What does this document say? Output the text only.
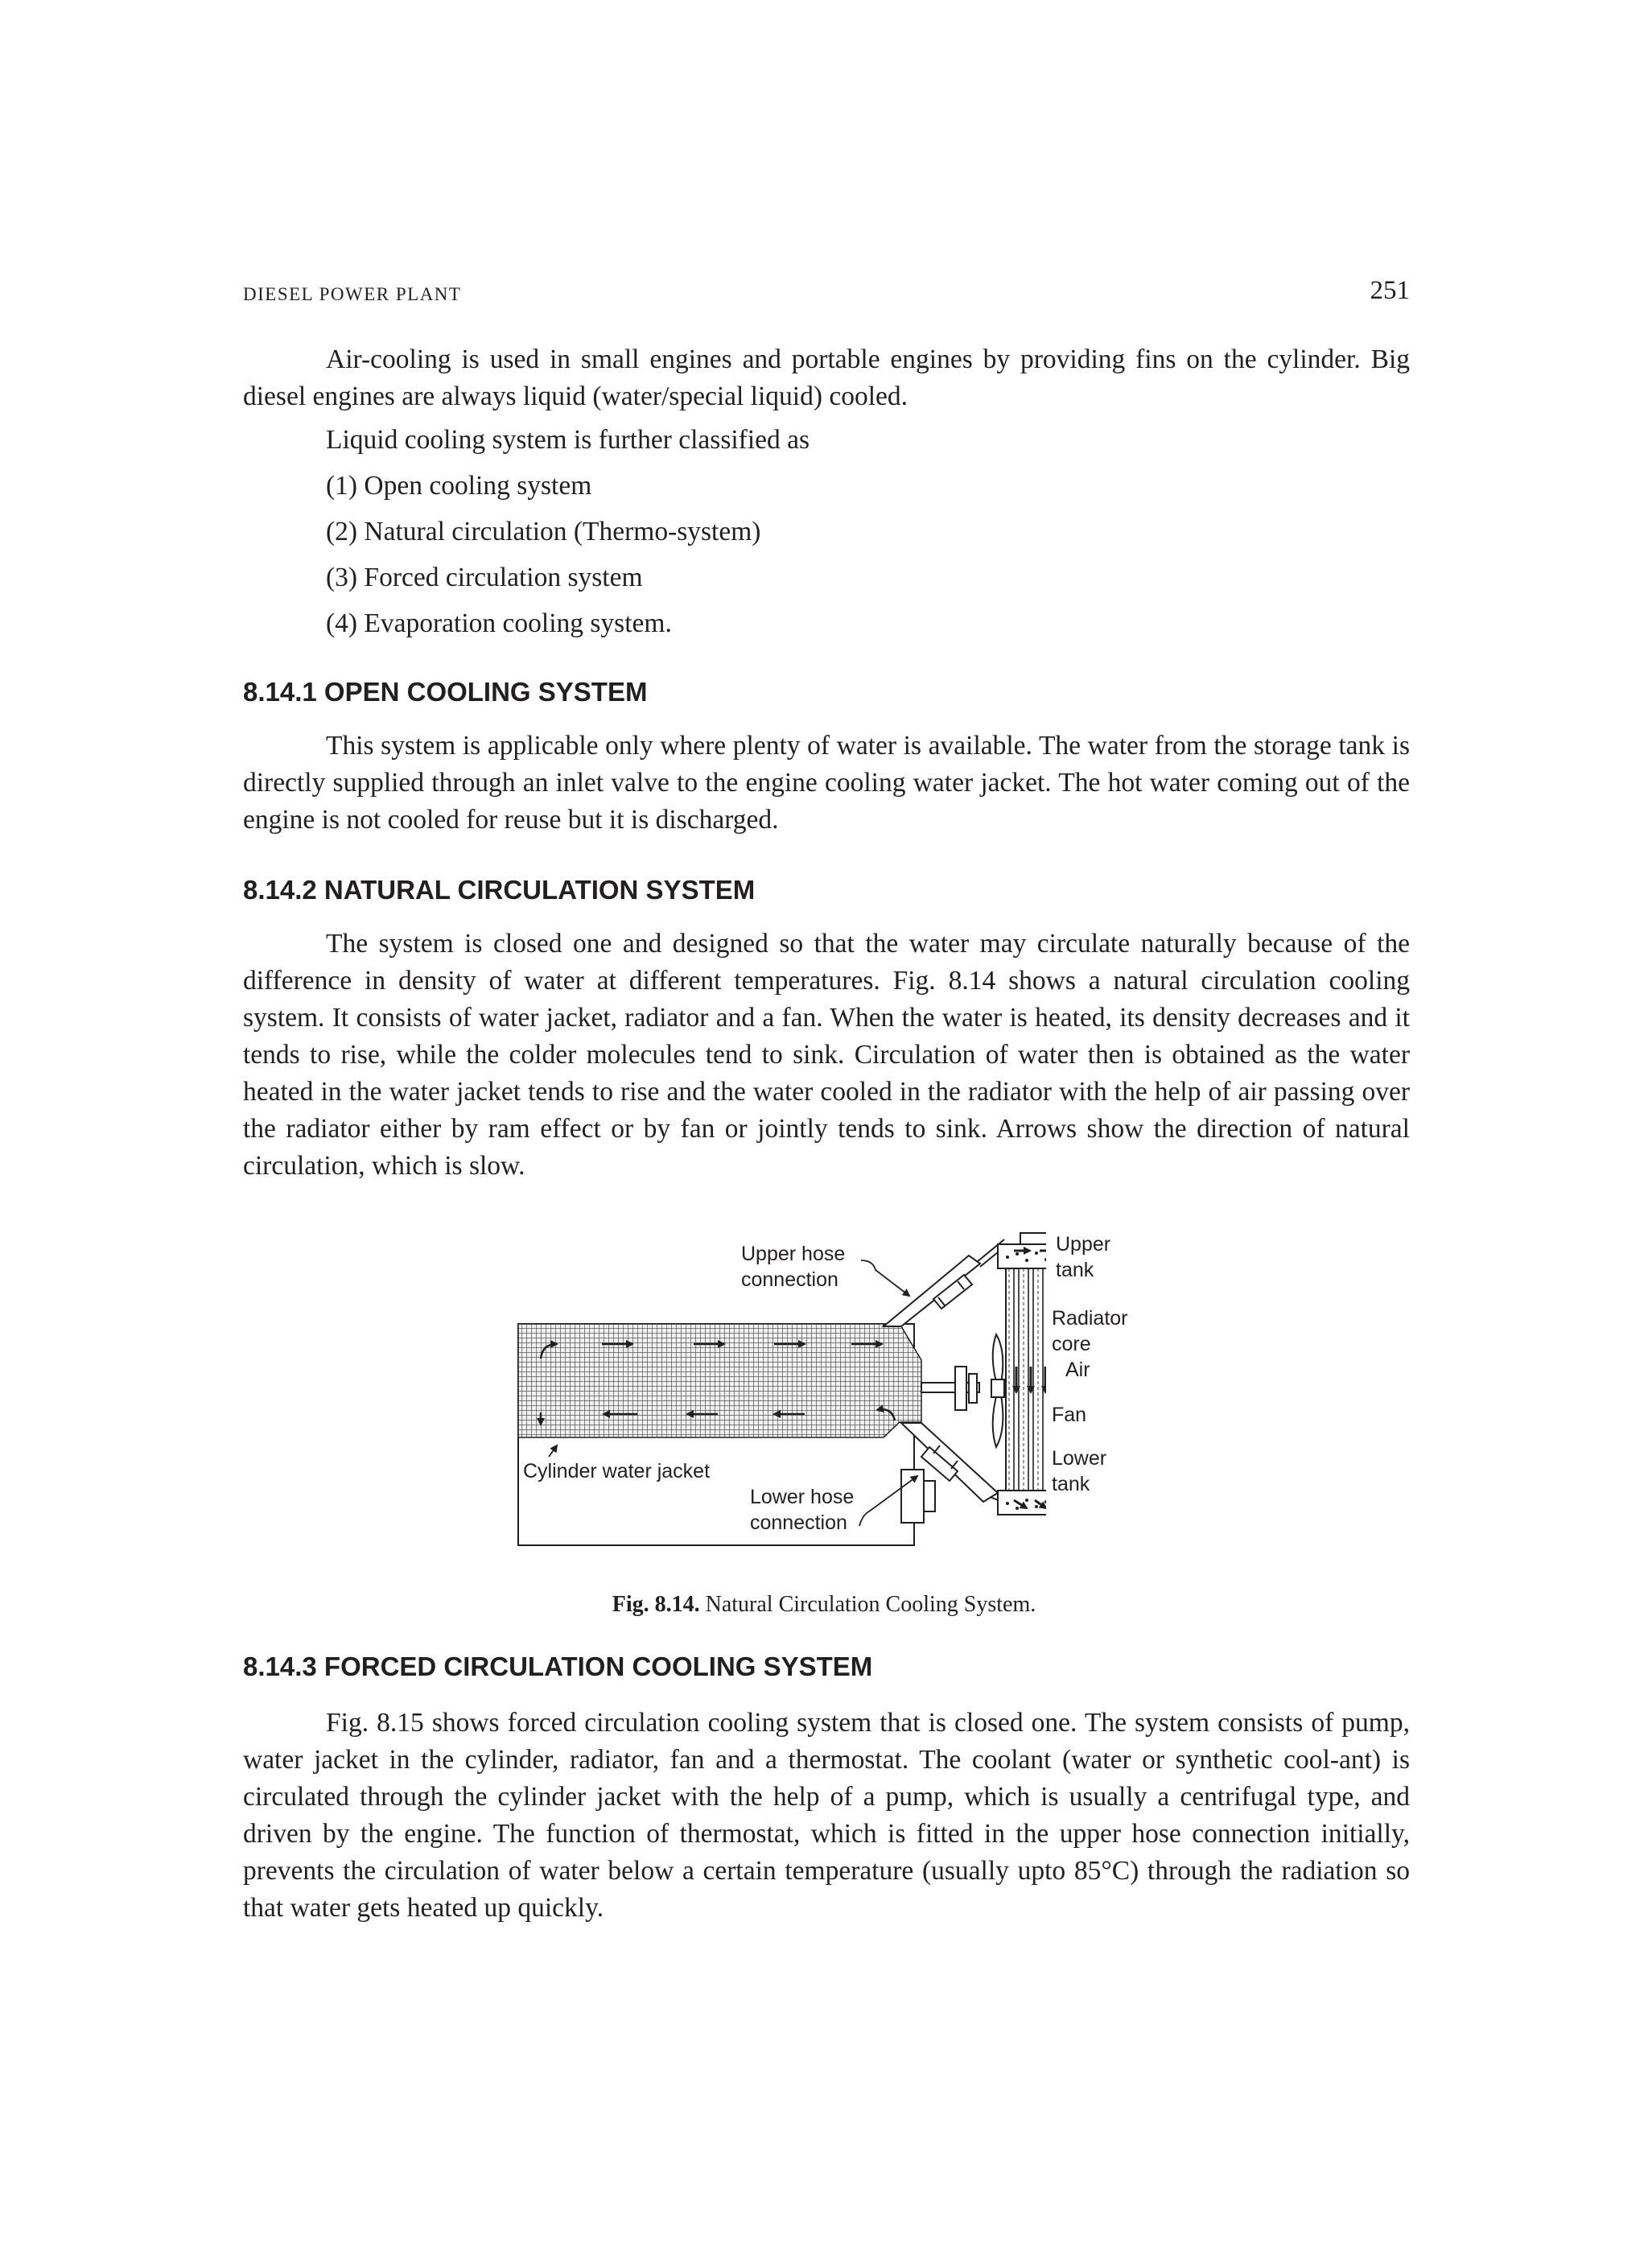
DIESEL POWER PLANT	251

Air-cooling is used in small engines and portable engines by providing fins on the cylinder. Big diesel engines are always liquid (water/special liquid) cooled.

Liquid cooling system is further classified as

(1) Open cooling system

(2) Natural circulation (Thermo-system)

(3) Forced circulation system

(4) Evaporation cooling system.

8.14.1 OPEN COOLING SYSTEM

This system is applicable only where plenty of water is available. The water from the storage tank is directly supplied through an inlet valve to the engine cooling water jacket. The hot water coming out of the engine is not cooled for reuse but it is discharged.

8.14.2 NATURAL CIRCULATION SYSTEM

The system is closed one and designed so that the water may circulate naturally because of the difference in density of water at different temperatures. Fig. 8.14 shows a natural circulation cooling system. It consists of water jacket, radiator and a fan. When the water is heated, its density decreases and it tends to rise, while the colder molecules tend to sink. Circulation of water then is obtained as the water heated in the water jacket tends to rise and the water cooled in the radiator with the help of air passing over the radiator either by ram effect or by fan or jointly tends to sink. Arrows show the direction of natural circulation, which is slow.

Upper hose
connection
Upper
tank
Radiator
core
Air
Fan
Lower
tank
Cylinder water jacket
Lower hose
connection

Fig. 8.14. Natural Circulation Cooling System.

8.14.3 FORCED CIRCULATION COOLING SYSTEM

Fig. 8.15 shows forced circulation cooling system that is closed one. The system consists of pump, water jacket in the cylinder, radiator, fan and a thermostat. The coolant (water or synthetic cool-ant) is circulated through the cylinder jacket with the help of a pump, which is usually a centrifugal type, and driven by the engine. The function of thermostat, which is fitted in the upper hose connection initially, prevents the circulation of water below a certain temperature (usually upto 85°C) through the radiation so that water gets heated up quickly.
